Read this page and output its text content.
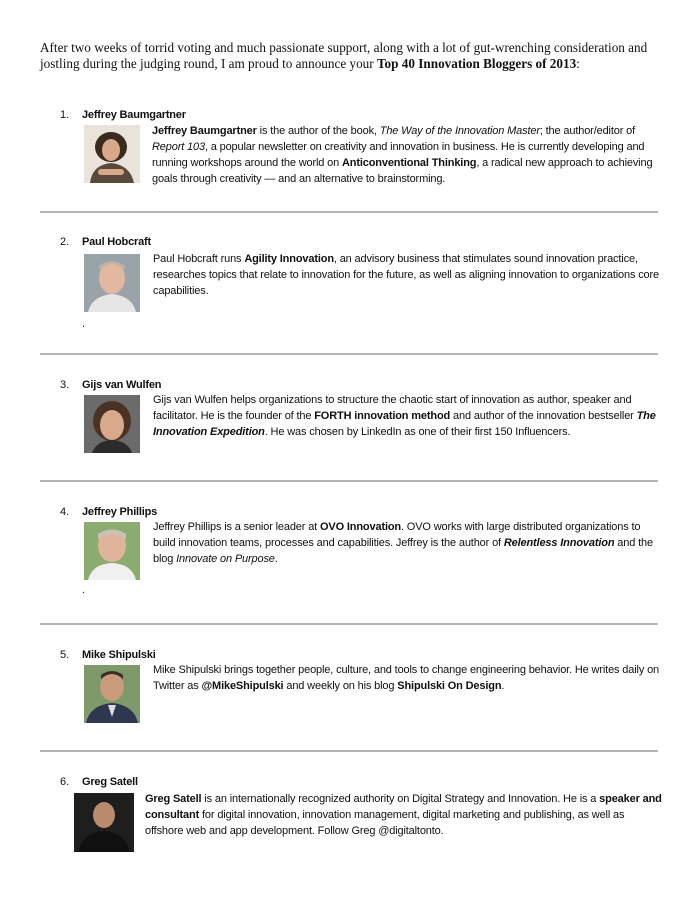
After two weeks of torrid voting and much passionate support, along with a lot of gut-wrenching consideration and jostling during the judging round, I am proud to announce your Top 40 Innovation Bloggers of 2013:
1. Jeffrey Baumgartner
Jeffrey Baumgartner is the author of the book, The Way of the Innovation Master; the author/editor of Report 103, a popular newsletter on creativity and innovation in business. He is currently developing and running workshops around the world on Anticonventional Thinking, a radical new approach to achieving goals through creativity — and an alternative to brainstorming.
2. Paul Hobcraft
Paul Hobcraft runs Agility Innovation, an advisory business that stimulates sound innovation practice, researches topics that relate to innovation for the future, as well as aligning innovation to organizations core capabilities.
.
3. Gijs van Wulfen
Gijs van Wulfen helps organizations to structure the chaotic start of innovation as author, speaker and facilitator. He is the founder of the FORTH innovation method and author of the innovation bestseller The Innovation Expedition. He was chosen by LinkedIn as one of their first 150 Influencers.
4. Jeffrey Phillips
Jeffrey Phillips is a senior leader at OVO Innovation. OVO works with large distributed organizations to build innovation teams, processes and capabilities. Jeffrey is the author of Relentless Innovation and the blog Innovate on Purpose.
.
5. Mike Shipulski
Mike Shipulski brings together people, culture, and tools to change engineering behavior. He writes daily on Twitter as @MikeShipulski and weekly on his blog Shipulski On Design.
6. Greg Satell
Greg Satell is an internationally recognized authority on Digital Strategy and Innovation. He is a speaker and consultant for digital innovation, innovation management, digital marketing and publishing, as well as offshore web and app development. Follow Greg @digitaltonto.
